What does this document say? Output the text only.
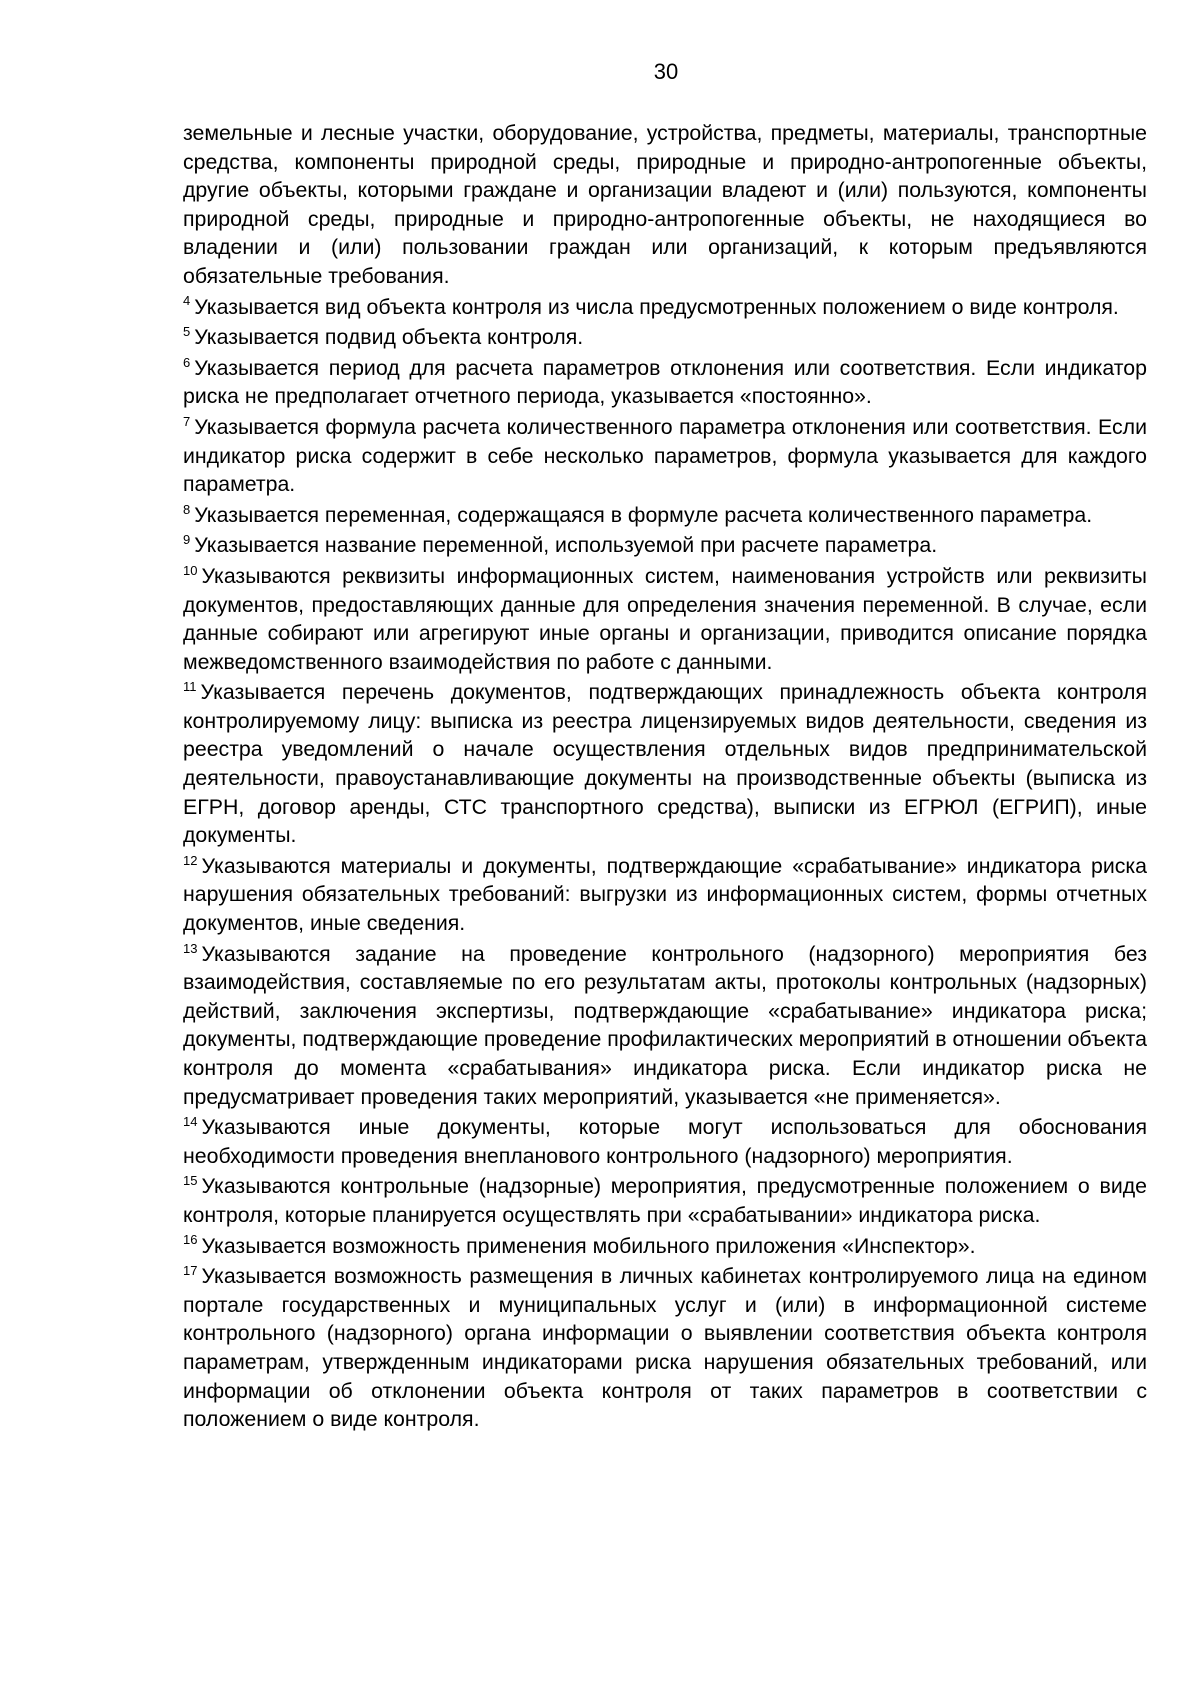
30

земельные и лесные участки, оборудование, устройства, предметы, материалы, транспортные средства, компоненты природной среды, природные и природно-антропогенные объекты, другие объекты, которыми граждане и организации владеют и (или) пользуются, компоненты природной среды, природные и природно-антропогенные объекты, не находящиеся во владении и (или) пользовании граждан или организаций, к которым предъявляются обязательные требования.

$^4$ Указывается вид объекта контроля из числа предусмотренных положением о виде контроля.

$^5$ Указывается подвид объекта контроля.

$^6$ Указывается период для расчета параметров отклонения или соответствия. Если индикатор риска не предполагает отчетного периода, указывается «постоянно».

$^7$ Указывается формула расчета количественного параметра отклонения или соответствия. Если индикатор риска содержит в себе несколько параметров, формула указывается для каждого параметра.

$^8$ Указывается переменная, содержащаяся в формуле расчета количественного параметра.

$^9$ Указывается название переменной, используемой при расчете параметра.

$^{10}$ Указываются реквизиты информационных систем, наименования устройств или реквизиты документов, предоставляющих данные для определения значения переменной. В случае, если данные собирают или агрегируют иные органы и организации, приводится описание порядка межведомственного взаимодействия по работе с данными.

$^{11}$ Указывается перечень документов, подтверждающих принадлежность объекта контроля контролируемому лицу: выписка из реестра лицензируемых видов деятельности, сведения из реестра уведомлений о начале осуществления отдельных видов предпринимательской деятельности, правоустанавливающие документы на производственные объекты (выписка из ЕГРН, договор аренды, СТС транспортного средства), выписки из ЕГРЮЛ (ЕГРИП), иные документы.

$^{12}$ Указываются материалы и документы, подтверждающие «срабатывание» индикатора риска нарушения обязательных требований: выгрузки из информационных систем, формы отчетных документов, иные сведения.

$^{13}$ Указываются задание на проведение контрольного (надзорного) мероприятия без взаимодействия, составляемые по его результатам акты, протоколы контрольных (надзорных) действий, заключения экспертизы, подтверждающие «срабатывание» индикатора риска; документы, подтверждающие проведение профилактических мероприятий в отношении объекта контроля до момента «срабатывания» индикатора риска. Если индикатор риска не предусматривает проведения таких мероприятий, указывается «не применяется».

$^{14}$ Указываются иные документы, которые могут использоваться для обоснования необходимости проведения внепланового контрольного (надзорного) мероприятия.

$^{15}$ Указываются контрольные (надзорные) мероприятия, предусмотренные положением о виде контроля, которые планируется осуществлять при «срабатывании» индикатора риска.

$^{16}$ Указывается возможность применения мобильного приложения «Инспектор».

$^{17}$ Указывается возможность размещения в личных кабинетах контролируемого лица на едином портале государственных и муниципальных услуг и (или) в информационной системе контрольного (надзорного) органа информации о выявлении соответствия объекта контроля параметрам, утвержденным индикаторами риска нарушения обязательных требований, или информации об отклонении объекта контроля от таких параметров в соответствии с положением о виде контроля.
